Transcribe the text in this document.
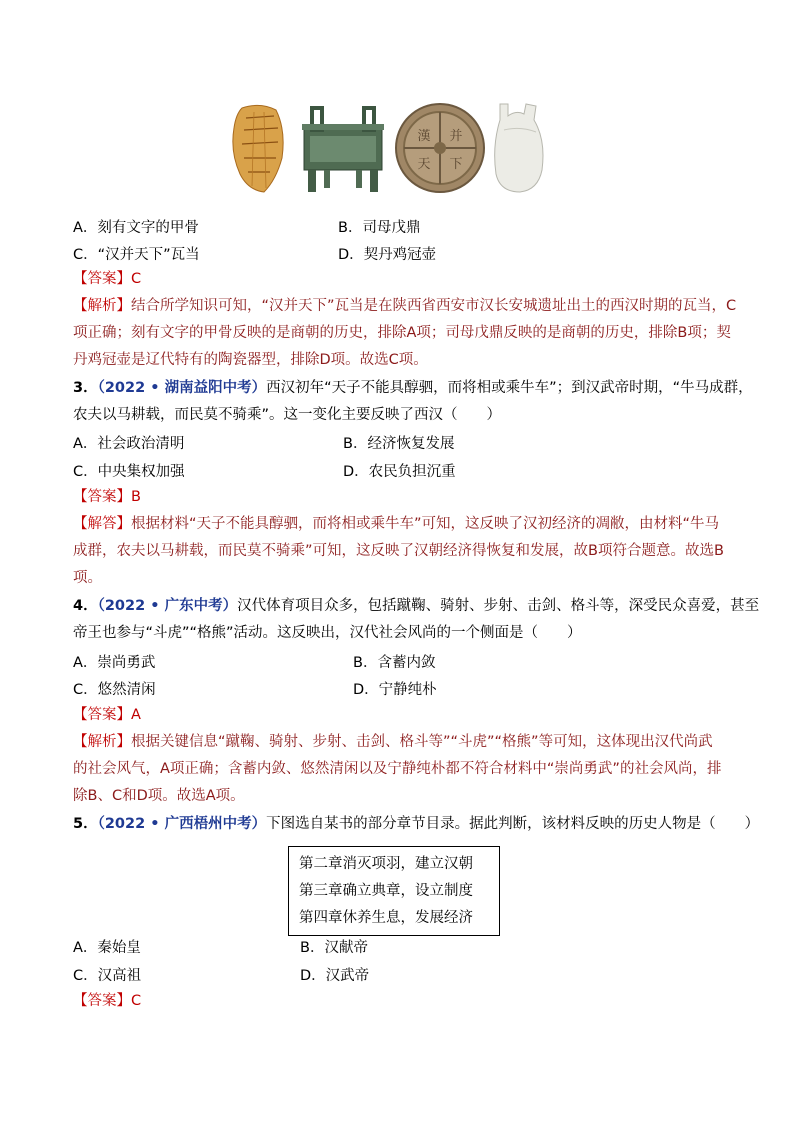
漢 并
天 下
A．刻有文字的甲骨	B．司母戊鼎
C．“汉并天下”瓦当	D．契丹鸡冠壶
【答案】C
【解析】结合所学知识可知，“汉并天下”瓦当是在陕西省西安市汉长安城遗址出土的西汉时期的瓦当，C
项正确；刻有文字的甲骨反映的是商朝的历史，排除A项；司母戊鼎反映的是商朝的历史，排除B项；契
丹鸡冠壶是辽代特有的陶瓷器型，排除D项。故选C项。
3．（2022 • 湖南益阳中考）西汉初年“天子不能具醇驷，而将相或乘牛车”；到汉武帝时期，“牛马成群，
农夫以马耕载，而民莫不骑乘”。这一变化主要反映了西汉（　　）
A．社会政治清明	B．经济恢复发展
C．中央集权加强	D．农民负担沉重
【答案】B
【解答】根据材料“天子不能具醇驷，而将相或乘牛车”可知，这反映了汉初经济的凋敝，由材料“牛马
成群，农夫以马耕载，而民莫不骑乘”可知，这反映了汉朝经济得恢复和发展，故B项符合题意。故选B
项。
4．（2022 • 广东中考）汉代体育项目众多，包括蹴鞠、骑射、步射、击剑、格斗等，深受民众喜爱，甚至
帝王也参与“斗虎”“格熊”活动。这反映出，汉代社会风尚的一个侧面是（　　）
A．崇尚勇武	B．含蓄内敛
C．悠然清闲	D．宁静纯朴
【答案】A
【解析】根据关键信息“蹴鞠、骑射、步射、击剑、格斗等”“斗虎”“格熊”等可知，这体现出汉代尚武
的社会风气，A项正确；含蓄内敛、悠然清闲以及宁静纯朴都不符合材料中“崇尚勇武”的社会风尚，排
除B、C和D项。故选A项。
5．（2022 • 广西梧州中考）下图选自某书的部分章节目录。据此判断，该材料反映的历史人物是（　　）
第二章消灭项羽，建立汉朝
第三章确立典章，设立制度
第四章休养生息，发展经济
A．秦始皇	B．汉献帝
C．汉高祖	D．汉武帝
【答案】C
